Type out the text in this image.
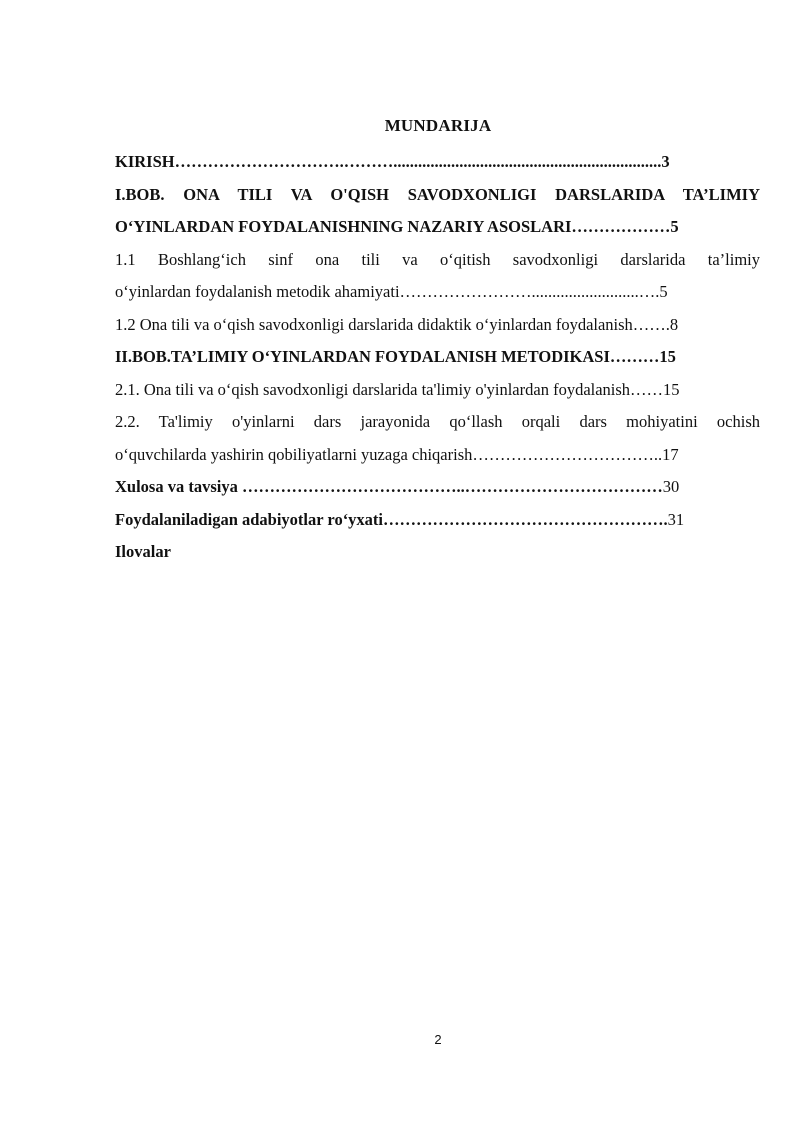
MUNDARIJA
KIRISH………………………….……….................................................................3
I.BOB. ONA TILI VA O'QISH SAVODXONLIGI DARSLARIDA TA’LIMIY
O‘YINLARDAN FOYDALANISHNING NAZARIY ASOSLARI………………5
1.1 Boshlang‘ich sinf ona tili va o‘qitish savodxonligi darslarida ta’limiy
o‘yinlardan foydalanish metodik ahamiyati……………………..........................….5
1.2 Ona tili va o‘qish savodxonligi darslarida didaktik o‘yinlardan foydalanish…….8
II.BOB.TA’LIMIY O‘YINLARDAN FOYDALANISH METODIKASI………15
2.1. Ona tili va o‘qish savodxonligi darslarida ta'limiy o'yinlardan foydalanish……15
2.2. Ta'limiy o'yinlarni dars jarayonida qo‘llash orqali dars mohiyatini ochish
o‘quvchilarda yashirin qobiliyatlarni yuzaga chiqarish……………………………..17
Xulosa va tavsiya …………………………………..………………………………30
Foydalaniladigan adabiyotlar ro‘yxati…………………………………………….31
Ilovalar
2
